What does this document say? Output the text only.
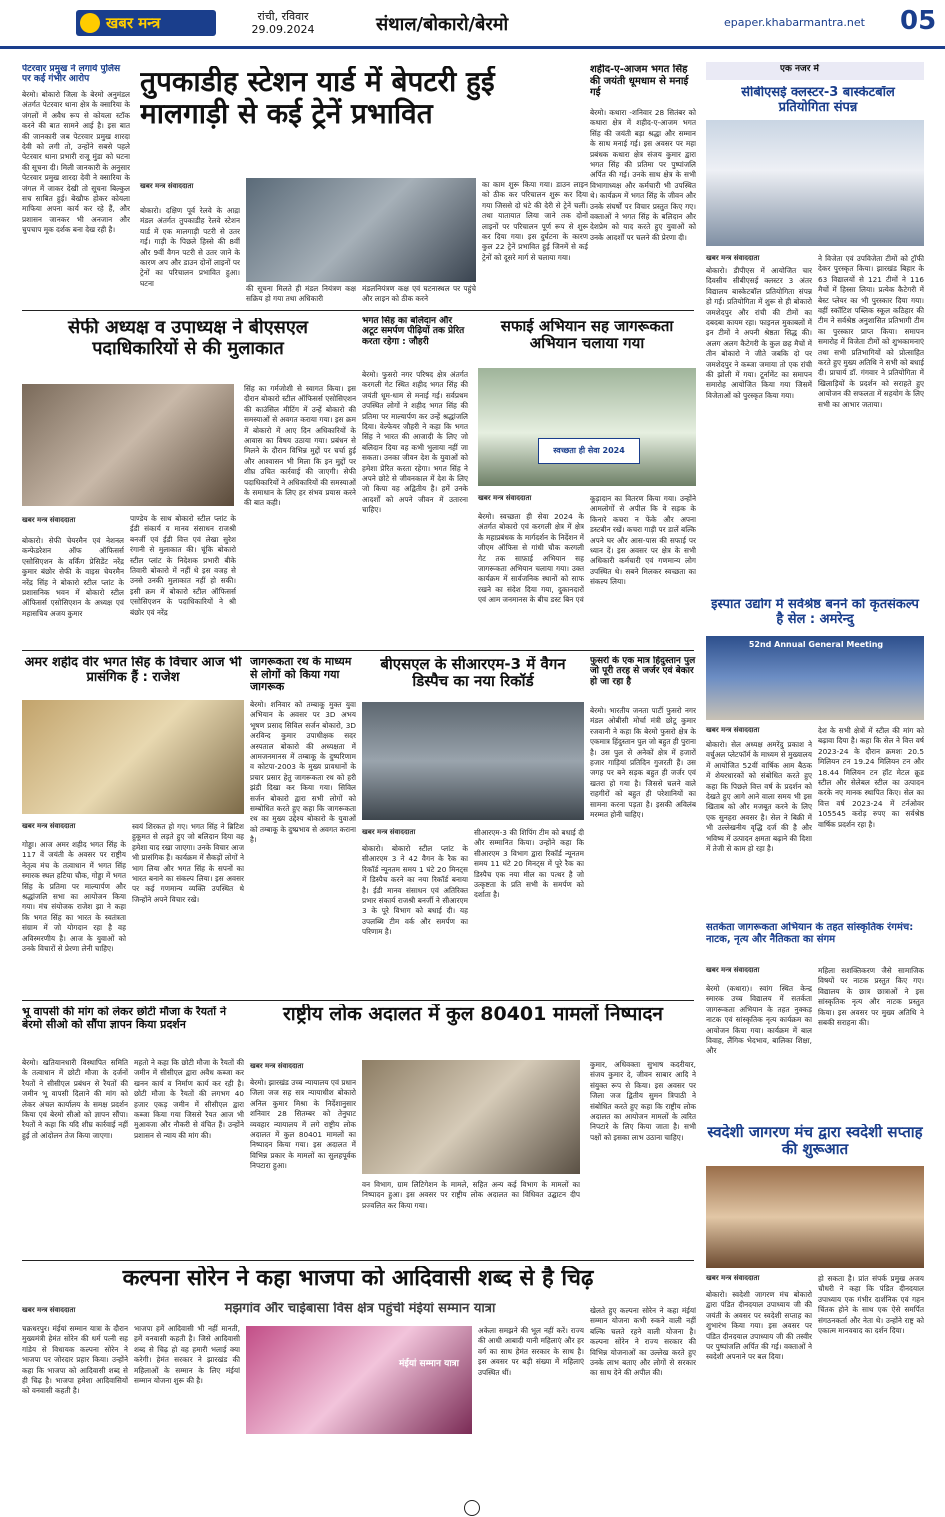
खबर मन्त्र	रांची, रविवार
29.09.2024	संथाल/बोकारो/बेरमो	epaper.khabarmantra.net 05
पेटरवार प्रमुख ने लगाये पुलिस पर कई गंभीर आरोप
बेरमो। बोकारो जिला के बेरमो अनुमंडल अंतर्गत पेटरवार थाना क्षेत्र के क्सारिया के जंगलों में अवैध रूप से कोयला स्टॉक करने की बात सामने आई है। इस बात की जानकारी जब पेटरवार प्रमुख शारदा देवी को लगी तो, उन्होंने सबसे पहले पेटरवार थाना प्रभारी राजू मुंडा को घटना की सूचना दी। मिली जानकारी के अनुसार पेटरवार प्रमुख शारदा देवी ने क्सारिया के जंगल में जाकर देखी तो सूचना बिल्कुल सच साबित हुई। बेखौफ होकर कोयला माफिया अपना कार्य कर रहे हैं, और प्रशासन जानकर भी अनजान और चुपचाप मूक दर्शक बना देख रही है।
तुपकाडीह स्टेशन यार्ड में बेपटरी हुई मालगाड़ी से कई ट्रेनें प्रभावित
खबर मन्त्र संवाददाता
बोकारो। दक्षिण पूर्व रेलवे के आद्रा मंडल अंतर्गत तुपकाडीह रेलवे स्टेशन यार्ड में एक मालगाड़ी पटरी से उतर गई। गाड़ी के पिछले हिस्से की 8वीं और 9वीं वैगन पटरी से उतर जाने के कारण अप और डाउन दोनों लाइनों पर ट्रेनों का परिचालन प्रभावित हुआ। घटना
की सूचना मिलते ही मंडल नियंत्रण कक्ष सक्रिय हो गया तथा अधिकारी
मंडलनियंत्रण कक्ष एवं घटनास्थल पर पहुंचे और लाइन को ठीक करने
का काम शुरू किया गया। डाउन लाइन को ठीक कर परिचालन शुरू कर दिया गया जिससे दो घंटे की देरी से ट्रेनें चलीं। तथा यातायात लिया जाने तक दोनों लाइनों पर परिचालन पूर्ण रूप से शुरू कर दिया गया। इस दुर्घटना के कारण कुल 22 ट्रेनें प्रभावित हुई जिनमें से कई ट्रेनों को दूसरे मार्ग से चलाया गया।
शहीद-ए-आजम भगत सिंह की जयंती धूमधाम से मनाई गई
बेरमो। कथारा -शनिवार 28 सितंबर को कथारा क्षेत्र में शहीद-ए-आजम भगत सिंह की जयंती बड़ा श्रद्धा और सम्मान के साथ मनाई गई। इस अवसर पर महा प्रबंधक कथारा क्षेत्र संजय कुमार द्वारा भगत सिंह की प्रतिमा पर पुष्पांजलि अर्पित की गई। उनके साथ क्षेत्र के सभी विभागाध्यक्ष और कर्मचारी भी उपस्थित थे। कार्यक्रम में भगत सिंह के जीवन और उनके संघर्षों पर विचार प्रस्तुत किए गए। वक्ताओं ने भगत सिंह के बलिदान और देशप्रेम को याद करते हुए युवाओं को उनके आदर्शों पर चलने की प्रेरणा दी।
एक नजर में
सीबीएसई क्लस्टर-3 बास्केटबॉल प्रतियोगिता संपन्न
खबर मन्त्र संवाददाता
बोकारो। डीपीएस में आयोजित चार दिवसीय सीबीएसई क्लस्टर 3 अंतर विद्यालय बास्केटबॉल प्रतियोगिता संपन्न हो गई। प्रतियोगिता में शुरू से ही बोकारो जमशेदपुर और रांची की टीमों का दबदबा कायम रहा। फाइनल मुकाबलों में इन टीमों ने अपनी श्रेष्ठता सिद्ध की। अलग अलग कैटेगरी के कुल छह मैचों में तीन बोकारो ने जीते जबकि दो पर जमशेदपुर ने कब्जा जमाया तो एक रांची की झोली में गया। टूर्नामेंट का समापन समारोह आयोजित किया गया जिसमें विजेताओं को पुरस्कृत किया गया।
ने विजेता एवं उपविजेता टीमों को ट्रॉफी देकर पुरस्कृत किया। झारखंड बिहार के 63 विद्यालयों से 121 टीमों ने 116 मैचों में हिस्सा लिया। प्रत्येक कैटेगरी में बेस्ट प्लेयर का भी पुरस्कार दिया गया। वहीं स्कॉटिश पब्लिक स्कूल कठिहार की टीम ने सर्वश्रेष्ठ अनुशासित प्रतिभागी टीम का पुरस्कार प्राप्त किया। समापन समारोह में विजेता टीमों को शुभकामनाएं तथा सभी प्रतिभागियों को प्रोत्साहित करते हुए मुख्य अतिथि ने सभी को बधाई दी। प्राचार्य डॉ. गंगवार ने प्रतियोगिता में खिलाड़ियों के प्रदर्शन को सराहते हुए आयोजन की सफलता में सहयोग के लिए सभी का आभार जताया।
सेफी अध्यक्ष व उपाध्यक्ष ने बीएसएल पदाधिकारियों से की मुलाकात
खबर मन्त्र संवाददाता
बोकारो। सेफी चेयरमैन एवं नेशनल कन्फेडरेशन ऑफ ऑफिसर्स एसोसिएशन के वर्किंग प्रेसिडेंट नरेंद्र कुमार बंछोर सेफी के वाइस चेयरमैन नरेंद्र सिंह ने बोकारो स्टील प्लांट के प्रशासनिक भवन में बोकारो स्टील ऑफिसर्स एसोसिएशन के अध्यक्ष एवं महासचिव अजय कुमार
पाण्डेय के साथ बोकारो स्टील प्लांट के ईडी संकार्य व मानव संसाधन राजश्री बनर्जी एवं ईडी वित्त एवं लेखा सुरेश रंगानी से मुलाकात की। चूंकि बोकारो स्टील प्लांट के निदेशक प्रभारी बीके तिवारी बोकारो में नहीं थे इस वजह से उनसे उनकी मुलाकात नहीं हो सकी। इसी क्रम में बोकारो स्टील ऑफिसर्स एसोसिएशन के पदाधिकारियों ने श्री बंछोर एवं नरेंद्र
सिंह का गर्मजोशी से स्वागत किया। इस दौरान बोकारो स्टील ऑफिसर्स एसोसिएशन की काउंसिल मीटिंग में उन्हें बोकारो की समस्याओं से अवगत कराया गया। इस क्रम में बोकारो में आए दिन अधिकारियों के आवास का विषय उठाया गया। प्रबंधन से मिलने के दौरान विभिन्न मुद्दों पर चर्चा हुई और आश्वासन भी मिला कि इन मुद्दों पर शीघ्र उचित कार्रवाई की जाएगी। सेफी पदाधिकारियों ने अधिकारियों की समस्याओं के समाधान के लिए हर संभव प्रयास करने की बात कही।
भगत सिंह का बलिदान और अटूट समर्पण पीढ़ियों तक प्रेरित करता रहेगा : जौहरी
बेरमो। फुसरो नगर परिषद क्षेत्र अंतर्गत करगली गेट स्थित शहीद भगत सिंह की जयंती धूम-धाम से मनाई गई। सर्वप्रथम उपस्थित लोगों ने शहीद भगत सिंह की प्रतिमा पर माल्यार्पण कर उन्हें श्रद्धांजलि दिया। वेल्फेयर जौहरी ने कहा कि भगत सिंह ने भारत की आजादी के लिए जो बलिदान दिया वह कभी भुलाया नहीं जा सकता। उनका जीवन देश के युवाओं को हमेशा प्रेरित करता रहेगा। भगत सिंह ने अपने छोटे से जीवनकाल में देश के लिए जो किया वह अद्वितीय है। हमें उनके आदर्शों को अपने जीवन में उतारना चाहिए।
सफाई अभियान सह जागरूकता अभियान चलाया गया
स्वच्छता ही सेवा 2024
खबर मन्त्र संवाददाता
बेरमो। स्वच्छता ही सेवा 2024 के अंतर्गत बोकारो एवं करगली क्षेत्र में क्षेत्र के महाप्रबंधक के मार्गदर्शन के निर्देशन में जीएम ऑफिस से गांधी चौक करगली गेट तक साफ़ाई अभियान सह जागरूकता अभियान चलाया गया। उक्त कार्यक्रम में सार्वजनिक स्थानों को साफ रखने का संदेश दिया गया, दुकानदारों एवं आम जनमानस के बीच डस्ट बिन एवं
कूड़ादान का वितरण किया गया। उन्होंने आमलोगों से अपील कि वे सड़क के किनारे कचरा न फेंके और अपना डस्टबीन रखें। कचरा गाड़ी पर डालें बल्कि अपने घर और आस-पास की सफाई पर ध्यान दें। इस अवसर पर क्षेत्र के सभी अधिकारी कर्मचारी एवं गणमान्य लोग उपस्थित थे। सबने मिलकर स्वच्छता का संकल्प लिया।
इस्पात उद्योग में सर्वश्रेष्ठ बनने को कृतसंकल्प है सेल : अमरेन्दु
52nd Annual General Meeting
खबर मन्त्र संवाददाता
बोकारो। सेल अध्यक्ष अमरेंदु प्रकाश ने वर्चुअल प्लेटफॉर्म के माध्यम से मुख्यालय में आयोजित 52वीं वार्षिक आम बैठक में शेयरधारकों को संबोधित करते हुए कहा कि पिछले वित्त वर्ष के प्रदर्शन को देखते हुए आगे आने वाला समय भी इस खिताब को और मजबूत करने के लिए एक सुनहरा अवसर है। सेल ने बिक्री में भी उल्लेखनीय वृद्धि दर्ज की है और भविष्य में उत्पादन क्षमता बढ़ाने की दिशा में तेजी से काम हो रहा है।
देश के सभी क्षेत्रों में स्टील की मांग को बढ़ावा दिया है। कहा कि सेल ने वित्त वर्ष 2023-24 के दौरान क्रमशः 20.5 मिलियन टन 19.24 मिलियन टन और 18.44 मिलियन टन हॉट मेटल क्रूड स्टील और सेलेबल स्टील का उत्पादन करके नए मानक स्थापित किए। सेल का वित्त वर्ष 2023-24 में टर्नओवर 105545 करोड़ रुपए का सर्वश्रेष्ठ वार्षिक प्रदर्शन रहा है।
अमर शहीद वीर भगत सिंह के विचार आज भी प्रासंगिक हैं : राजेश
खबर मन्त्र संवाददाता
गोड्डा। आज अमर शहीद भगत सिंह के 117 वें जयंती के अवसर पर राष्ट्रीय नेतृत्व मंच के तत्वाधान में भगत सिंह स्मारक स्थल हटिया चौक, गोड्डा में भगत सिंह के प्रतिमा पर माल्यार्पण और श्रद्धांजलि सभा का आयोजन किया गया। मंच संयोजक राजेश झा ने कहा कि भगत सिंह का भारत के स्वतंत्रता संग्राम में जो योगदान रहा है वह अविस्मरणीय है। आज के युवाओं को उनके विचारों से प्रेरणा लेनी चाहिए।
स्वयं शिरकत हो गए। भगत सिंह ने ब्रिटिश हुकूमत से लड़ते हुए जो बलिदान दिया वह हमेशा याद रखा जाएगा। उनके विचार आज भी प्रासंगिक हैं। कार्यक्रम में सैकड़ों लोगों ने भाग लिया और भगत सिंह के सपनों का भारत बनाने का संकल्प लिया। इस अवसर पर कई गणमान्य व्यक्ति उपस्थित थे जिन्होंने अपने विचार रखे।
जागरूकता रथ के माध्यम से लोगों को किया गया जागरूक
बेरमो। शनिवार को तम्बाकू मुक्त युवा अभियान के अवसर पर 3D अभय भूषण प्रसाद सिविल सर्जन बोकारो, 3D अरविन्द कुमार उपाधीक्षक सदर अस्पताल बोकारो की अध्यक्षता में आमजनमानस में तम्बाकू के दुष्परिणाम व कोटपा-2003 के मुख्य प्रावधानों के प्रचार प्रसार हेतु जागरूकता रथ को हरी झंडी दिखा कर किया गया। सिविल सर्जन बोकारो द्वारा सभी लोगों को सम्बोधित करते हुए कहा कि जागरूकता रथ का मुख्य उद्देश्य बोकारो के युवाओं को तम्बाकू के दुष्प्रभाव से अवगत कराना है।
बीएसएल के सीआरएम-3 में वैगन डिस्पैच का नया रिकॉर्ड
खबर मन्त्र संवाददाता
बोकारो। बोकारो स्टील प्लांट के सीआरएम 3 ने 42 वैगन के रैक का रिकॉर्ड न्यूनतम समय 1 घंटे 20 मिनट्स में डिस्पैच करने का नया रिकॉर्ड बनाया है। ईडी मानव संसाधन एवं अतिरिक्त प्रभार संकार्य राजश्री बनर्जी ने सीआरएम 3 के पूरे विभाग को बधाई दी। यह उपलब्धि टीम वर्क और समर्पण का परिणाम है।
सीआरएम-3 की शिपिंग टीम को बधाई दी और सम्मानित किया। उन्होंने कहा कि सीआरएम 3 विभाग द्वारा रिकॉर्ड न्यूनतम समय 11 घंटे 20 मिनट्स में पूरे रैक का डिस्पैच एक नया मील का पत्थर है जो उत्कृष्टता के प्रति सभी के समर्पण को दर्शाता है।
फुसरो के एक मात्र हिंदुस्तान पुल जो पूरी तरह से जर्जर एवं बेकार हो जा रहा है
बेरमो। भारतीय जनता पार्टी फुसरो नगर मंडल ओबीसी मोर्चा मंत्री छोटू कुमार रजवानी ने कहा कि बेरमो फुसरो क्षेत्र के एकमात्र हिंदुस्तान पुल जो बहुत ही पुराना है। उस पुल से अनेकों क्षेत्र में हजारों हजार गाड़ियां प्रतिदिन गुजरती हैं। उस जगह पर बने सड़क बहुत ही जर्जर एवं खतरा हो गया है। जिससे चलने वाले राहगीरों को बहुत ही परेशानियों का सामना करना पड़ता है। इसकी अविलंब मरम्मत होनी चाहिए।
सतर्कता जागरूकता अभियान के तहत सांस्कृतिक रंगमंच: नाटक, नृत्य और नैतिकता का संगम
खबर मन्त्र संवाददाता
बेरमो (कथारा)। स्वांग स्थित केन्द्र स्मारक उच्च विद्यालय में सतर्कता जागरूकता अभियान के तहत नुक्कड़ नाटक एवं सांस्कृतिक नृत्य कार्यक्रम का आयोजन किया गया। कार्यक्रम में बाल विवाह, लैंगिक भेदभाव, बालिका शिक्षा, और
महिला सशक्तिकरण जैसे सामाजिक विषयों पर नाटक प्रस्तुत किए गए। विद्यालय के छात्र छात्राओं ने इस सांस्कृतिक नृत्य और नाटक प्रस्तुत किया। इस अवसर पर मुख्य अतिथि ने सबकी सराहना की।
भू वापसी की मांग को लेकर छोटी मौजा के रैयतों ने बेरमो सीओ को सौंपा ज्ञापन किया प्रदर्शन
बेरमो। खतियानधारी विस्थापित समिति के तत्वाधान में छोटी मौजा के दर्जनों रैयतों ने सीसीएल प्रबंधन से रैयतों की जमीन भू वापसी दिलाने की मांग को लेकर अंचल कार्यालय के समक्ष प्रदर्शन किया एवं बेरमो सीओ को ज्ञापन सौंपा। रैयतों ने कहा कि यदि शीघ्र कार्रवाई नहीं हुई तो आंदोलन तेज किया जाएगा।
महतो ने कहा कि छोटी मौजा के रैयतों की जमीन में सीसीएल द्वारा अवैध कब्जा कर खनन कार्य व निर्माण कार्य कर रही है। छोटी मौजा के रैयतों की लगभग 40 हजार एकड़ जमीन में सीसीएल द्वारा कब्जा किया गया जिससे रैयत आज भी मुआवजा और नौकरी से वंचित हैं। उन्होंने प्रशासन से न्याय की मांग की।
राष्ट्रीय लोक अदालत में कुल 80401 मामलों निष्पादन
खबर मन्त्र संवाददाता
बेरमो। झारखंड उच्च न्यायालय एवं प्रधान जिला जज सह सत्र न्यायाधीश बोकारो अनिल कुमार मिश्रा के निर्देशानुसार शनिवार 28 सितम्बर को तेनुघाट व्यवहार न्यायालय में लगे राष्ट्रीय लोक अदालत में कुल 80401 मामलों का निष्पादन किया गया। इस अदालत में विभिन्न प्रकार के मामलों का सुलहपूर्वक निपटारा हुआ।
वन विभाग, ग्राम लिटिगेशन के मामले, सहित अन्य कई विभाग के मामलों का निष्पादन हुआ। इस अवसर पर राष्ट्रीय लोक अदालत का विधिवत उद्घाटन दीप प्रज्वलित कर किया गया।
कुमार, अधिवक्ता सुभाष कदरीयार, संजय कुमार दे, जीवन साबार आदि ने संयुक्त रूप से किया। इस अवसर पर जिला जज द्वितीय सुमन त्रिपाठी ने संबोधित करते हुए कहा कि राष्ट्रीय लोक अदालत का आयोजन मामलों के त्वरित निपटारे के लिए किया जाता है। सभी पक्षों को इसका लाभ उठाना चाहिए।	स्वदेशी जागरण मंच द्वारा स्वदेशी सप्ताह की शुरूआत
खबर मन्त्र संवाददाता
बोकारो। स्वदेशी जागरण मंच बोकारो द्वारा पंडित दीनदयाल उपाध्याय जी की जयंती के अवसर पर स्वदेशी सप्ताह का शुभारंभ किया गया। इस अवसर पर पंडित दीनदयाल उपाध्याय जी की तस्वीर पर पुष्पांजलि अर्पित की गई। वक्ताओं ने स्वदेशी अपनाने पर बल दिया।
हो सकता है। प्रांत संपर्क प्रमुख अजय चौधरी ने कहा कि पंडित दीनदयाल उपाध्याय एक गंभीर दार्शनिक एवं गहन चिंतक होने के साथ एक ऐसे समर्पित संगठनकर्ता और नेता थे। उन्होंने राष्ट्र को एकात्म मानववाद का दर्शन दिया।
कल्पना सोरेन ने कहा भाजपा को आदिवासी शब्द से है चिढ़
मझगांव और चाईबासा विस क्षेत्र पहुंची मंईयां सम्मान यात्रा
खबर मन्त्र संवाददाता
चक्रधरपुर। मंईयां सम्मान यात्रा के दौरान मुख्यमंत्री हेमंत सोरेन की धर्म पत्नी सह गांडेय से विधायक कल्पना सोरेन ने भाजपा पर जोरदार प्रहार किया। उन्होंने कहा कि भाजपा को आदिवासी शब्द से ही चिढ़ है। भाजपा हमेशा आदिवासियों को वनवासी कहती है।
भाजपा हमें आदिवासी भी नहीं मानती, हमें वनवासी कहती है। जिसे आदिवासी शब्द से चिढ़ हो वह हमारी भलाई क्या करेगी। हेमंत सरकार ने झारखंड की महिलाओं के सम्मान के लिए मंईयां सम्मान योजना शुरू की है।
मंईयां सम्मान यात्रा
अकेला समझने की भूल नहीं करें। राज्य की आधी आबादी यानी महिलाएं और हर वर्ग का साथ हेमंत सरकार के साथ है। इस अवसर पर बड़ी संख्या में महिलाएं उपस्थित थीं।
खेलते हुए कल्पना सोरेन ने कहा मंईयां सम्मान योजना कभी रुकने वाली नहीं बल्कि चलते रहने वाली योजना है। कल्पना सोरेन ने राज्य सरकार की विभिन्न योजनाओं का उल्लेख करते हुए उनके लाभ बताए और लोगों से सरकार का साथ देने की अपील की।
